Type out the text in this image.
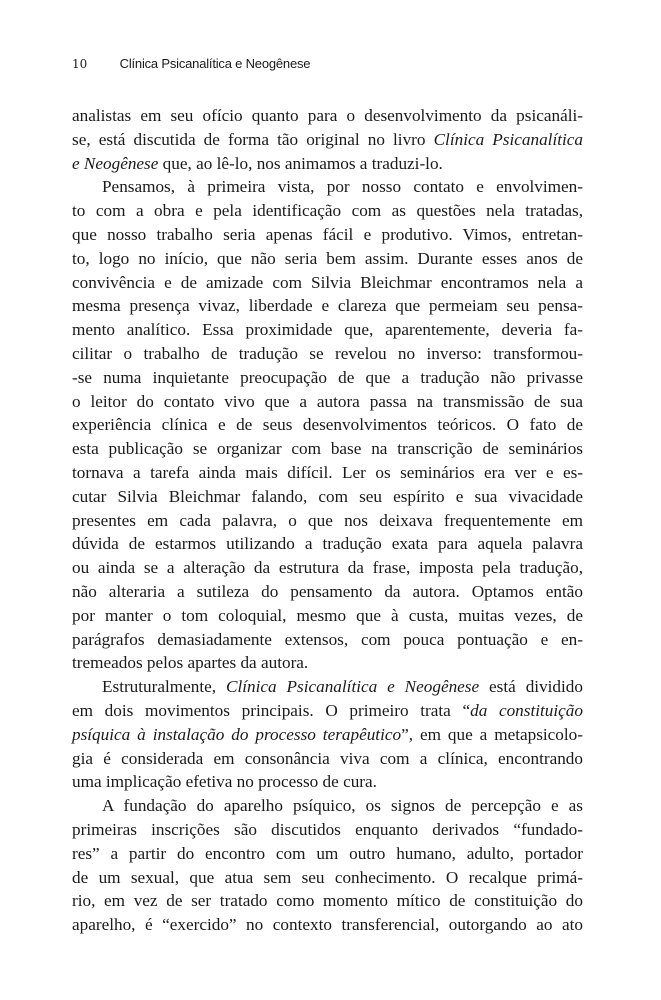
10 Clínica Psicanalítica e Neogênese
analistas em seu ofício quanto para o desenvolvimento da psicanáli-
se, está discutida de forma tão original no livro Clínica Psicanalítica
e Neogênese que, ao lê-lo, nos animamos a traduzi-lo.
Pensamos, à primeira vista, por nosso contato e envolvimen-
to com a obra e pela identificação com as questões nela tratadas,
que nosso trabalho seria apenas fácil e produtivo. Vimos, entretan-
to, logo no início, que não seria bem assim. Durante esses anos de
convivência e de amizade com Silvia Bleichmar encontramos nela a
mesma presença vivaz, liberdade e clareza que permeiam seu pensa-
mento analítico. Essa proximidade que, aparentemente, deveria fa-
cilitar o trabalho de tradução se revelou no inverso: transformou-
-se numa inquietante preocupação de que a tradução não privasse
o leitor do contato vivo que a autora passa na transmissão de sua
experiência clínica e de seus desenvolvimentos teóricos. O fato de
esta publicação se organizar com base na transcrição de seminários
tornava a tarefa ainda mais difícil. Ler os seminários era ver e es-
cutar Silvia Bleichmar falando, com seu espírito e sua vivacidade
presentes em cada palavra, o que nos deixava frequentemente em
dúvida de estarmos utilizando a tradução exata para aquela palavra
ou ainda se a alteração da estrutura da frase, imposta pela tradução,
não alteraria a sutileza do pensamento da autora. Optamos então
por manter o tom coloquial, mesmo que à custa, muitas vezes, de
parágrafos demasiadamente extensos, com pouca pontuação e en-
tremeados pelos apartes da autora.
Estruturalmente, Clínica Psicanalítica e Neogênese está dividido
em dois movimentos principais. O primeiro trata “da constituição
psíquica à instalação do processo terapêutico”, em que a metapsicolo-
gia é considerada em consonância viva com a clínica, encontrando
uma implicação efetiva no processo de cura.
A fundação do aparelho psíquico, os signos de percepção e as
primeiras inscrições são discutidos enquanto derivados “fundado-
res” a partir do encontro com um outro humano, adulto, portador
de um sexual, que atua sem seu conhecimento. O recalque primá-
rio, em vez de ser tratado como momento mítico de constituição do
aparelho, é “exercido” no contexto transferencial, outorgando ao ato
